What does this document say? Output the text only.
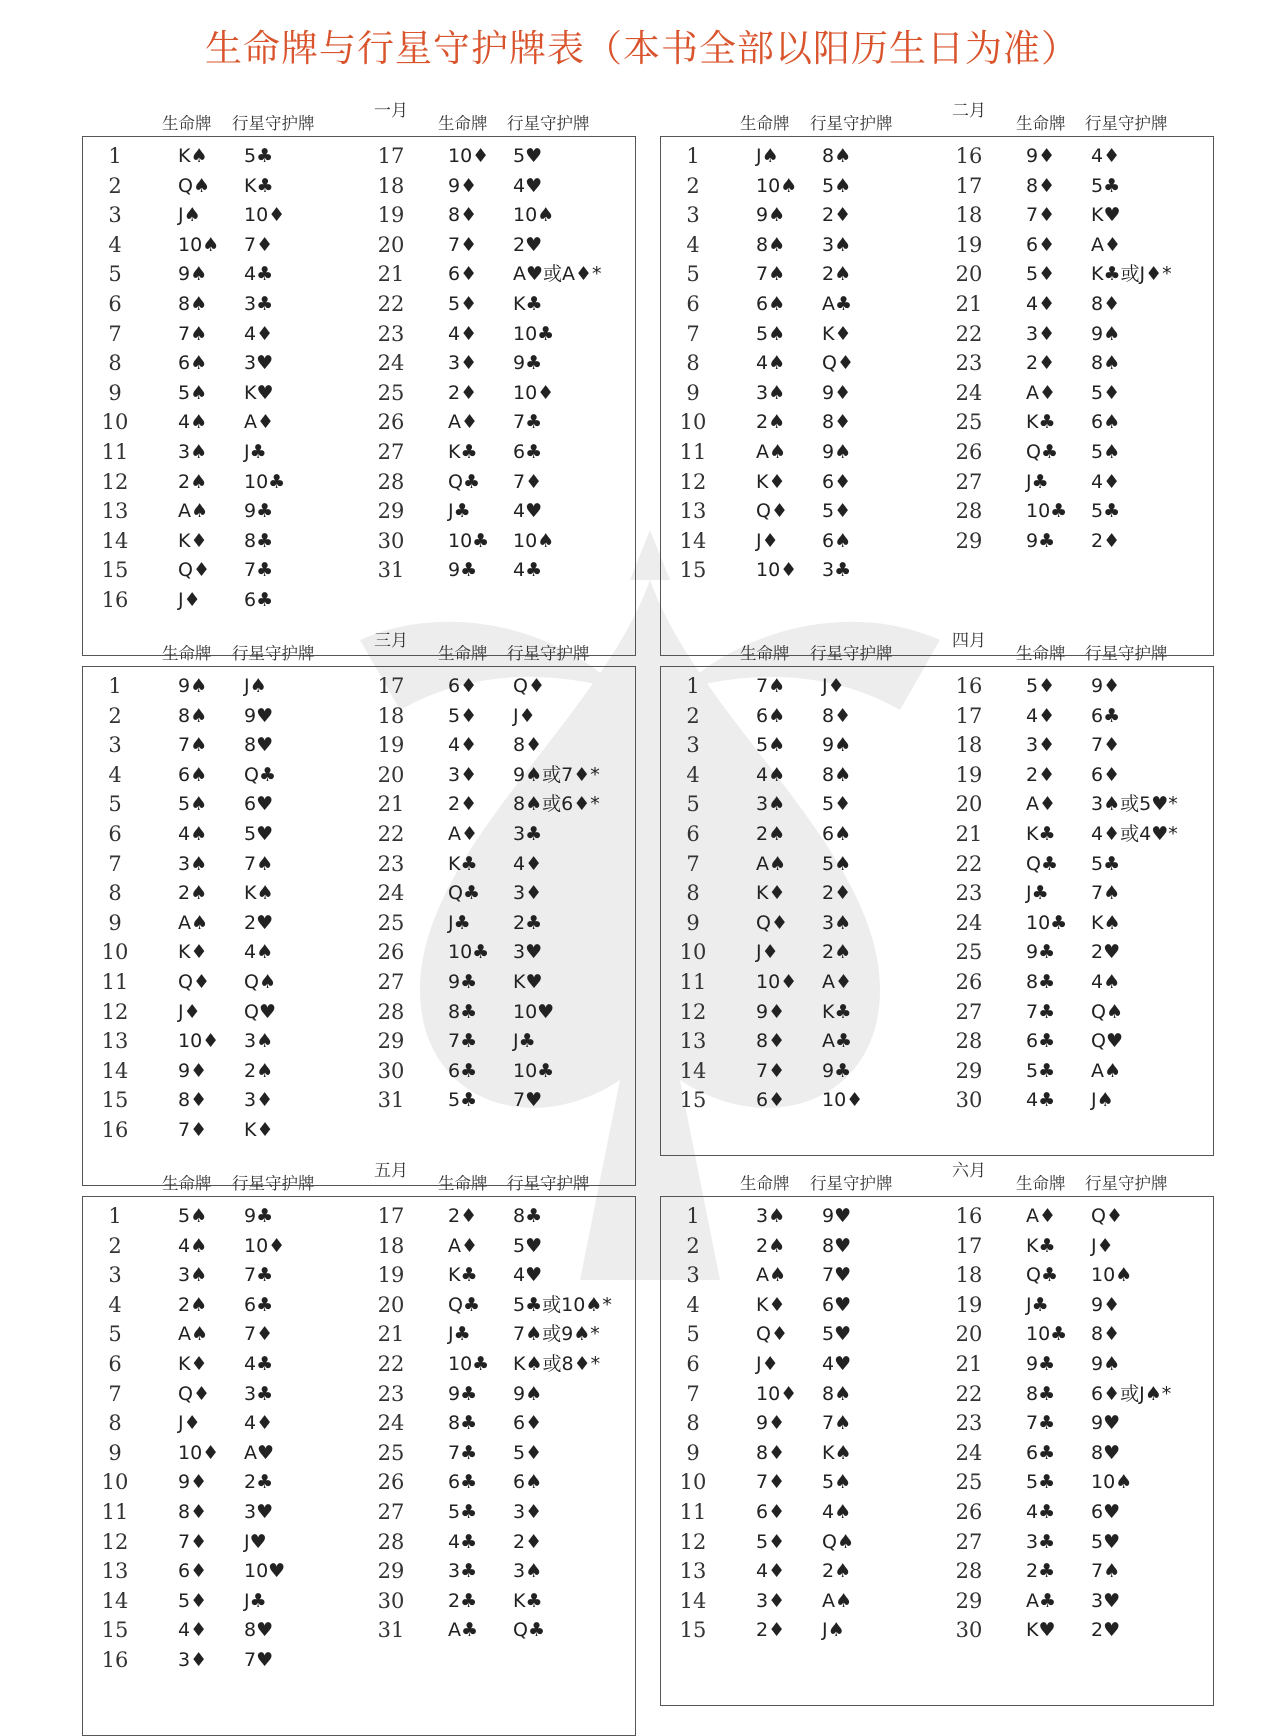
生命牌与行星守护牌表（本书全部以阳历生日为准）
一月
生命牌 行星守护牌	生命牌 行星守护牌
1	K♠ 5♣
2	Q♠ K♣
3	J♠ 10♦
4	10♠ 7♦
5	9♠ 4♣
6	8♠ 3♣
7	7♠ 4♦
8	6♠ 3♥
9	5♠ K♥
10	4♠ A♦
11	3♠ J♣
12	2♠ 10♣
13	A♠ 9♣
14	K♦ 8♣
15	Q♦ 7♣
16	J♦ 6♣
17	10♦ 5♥
18	9♦ 4♥
19	8♦ 10♠
20	7♦ 2♥
21	6♦ A♥或A♦*
22	5♦ K♣
23	4♦ 10♣
24	3♦ 9♣
25	2♦ 10♦
26	A♦ 7♣
27	K♣ 6♣
28	Q♣ 7♦
29	J♣ 4♥
30	10♣ 10♠
31	9♣ 4♣
二月
生命牌 行星守护牌	生命牌 行星守护牌
1	J♠ 8♠
2	10♠ 5♠
3	9♠ 2♦
4	8♠ 3♠
5	7♠ 2♠
6	6♠ A♣
7	5♠ K♦
8	4♠ Q♦
9	3♠ 9♦
10	2♠ 8♦
11	A♠ 9♠
12	K♦ 6♦
13	Q♦ 5♦
14	J♦ 6♠
15	10♦ 3♣
16	9♦ 4♦
17	8♦ 5♣
18	7♦ K♥
19	6♦ A♦
20	5♦ K♣或J♦*
21	4♦ 8♦
22	3♦ 9♠
23	2♦ 8♠
24	A♦ 5♦
25	K♣ 6♠
26	Q♣ 5♠
27	J♣ 4♦
28	10♣ 5♣
29	9♣ 2♦
三月
生命牌 行星守护牌	生命牌 行星守护牌
1	9♠ J♠
2	8♠ 9♥
3	7♠ 8♥
4	6♠ Q♣
5	5♠ 6♥
6	4♠ 5♥
7	3♠ 7♠
8	2♠ K♠
9	A♠ 2♥
10	K♦ 4♠
11	Q♦ Q♠
12	J♦ Q♥
13	10♦ 3♠
14	9♦ 2♠
15	8♦ 3♦
16	7♦ K♦
17	6♦ Q♦
18	5♦ J♦
19	4♦ 8♦
20	3♦ 9♠或7♦*
21	2♦ 8♠或6♦*
22	A♦ 3♣
23	K♣ 4♦
24	Q♣ 3♦
25	J♣ 2♣
26	10♣ 3♥
27	9♣ K♥
28	8♣ 10♥
29	7♣ J♣
30	6♣ 10♣
31	5♣ 7♥
四月
生命牌 行星守护牌	生命牌 行星守护牌
1	7♠ J♦
2	6♠ 8♦
3	5♠ 9♠
4	4♠ 8♠
5	3♠ 5♦
6	2♠ 6♠
7	A♠ 5♠
8	K♦ 2♦
9	Q♦ 3♠
10	J♦ 2♠
11	10♦ A♦
12	9♦ K♣
13	8♦ A♣
14	7♦ 9♣
15	6♦ 10♦
16	5♦ 9♦
17	4♦ 6♣
18	3♦ 7♦
19	2♦ 6♦
20	A♦ 3♠或5♥*
21	K♣ 4♦或4♥*
22	Q♣ 5♣
23	J♣ 7♠
24	10♣ K♠
25	9♣ 2♥
26	8♣ 4♠
27	7♣ Q♠
28	6♣ Q♥
29	5♣ A♠
30	4♣ J♠
五月
生命牌 行星守护牌	生命牌 行星守护牌
1	5♠ 9♣
2	4♠ 10♦
3	3♠ 7♣
4	2♠ 6♣
5	A♠ 7♦
6	K♦ 4♣
7	Q♦ 3♣
8	J♦ 4♦
9	10♦ A♥
10	9♦ 2♣
11	8♦ 3♥
12	7♦ J♥
13	6♦ 10♥
14	5♦ J♣
15	4♦ 8♥
16	3♦ 7♥
17	2♦ 8♣
18	A♦ 5♥
19	K♣ 4♥
20	Q♣ 5♣或10♠*
21	J♣ 7♠或9♠*
22	10♣ K♠或8♦*
23	9♣ 9♠
24	8♣ 6♦
25	7♣ 5♦
26	6♣ 6♠
27	5♣ 3♦
28	4♣ 2♦
29	3♣ 3♠
30	2♣ K♣
31	A♣ Q♣
六月
生命牌 行星守护牌	生命牌 行星守护牌
1	3♠ 9♥
2	2♠ 8♥
3	A♠ 7♥
4	K♦ 6♥
5	Q♦ 5♥
6	J♦ 4♥
7	10♦ 8♠
8	9♦ 7♠
9	8♦ K♠
10	7♦ 5♠
11	6♦ 4♠
12	5♦ Q♠
13	4♦ 2♠
14	3♦ A♠
15	2♦ J♠
16	A♦ Q♦
17	K♣ J♦
18	Q♣ 10♠
19	J♣ 9♦
20	10♣ 8♦
21	9♣ 9♠
22	8♣ 6♦或J♠*
23	7♣ 9♥
24	6♣ 8♥
25	5♣ 10♠
26	4♣ 6♥
27	3♣ 5♥
28	2♣ 7♠
29	A♣ 3♥
30	K♥ 2♥
